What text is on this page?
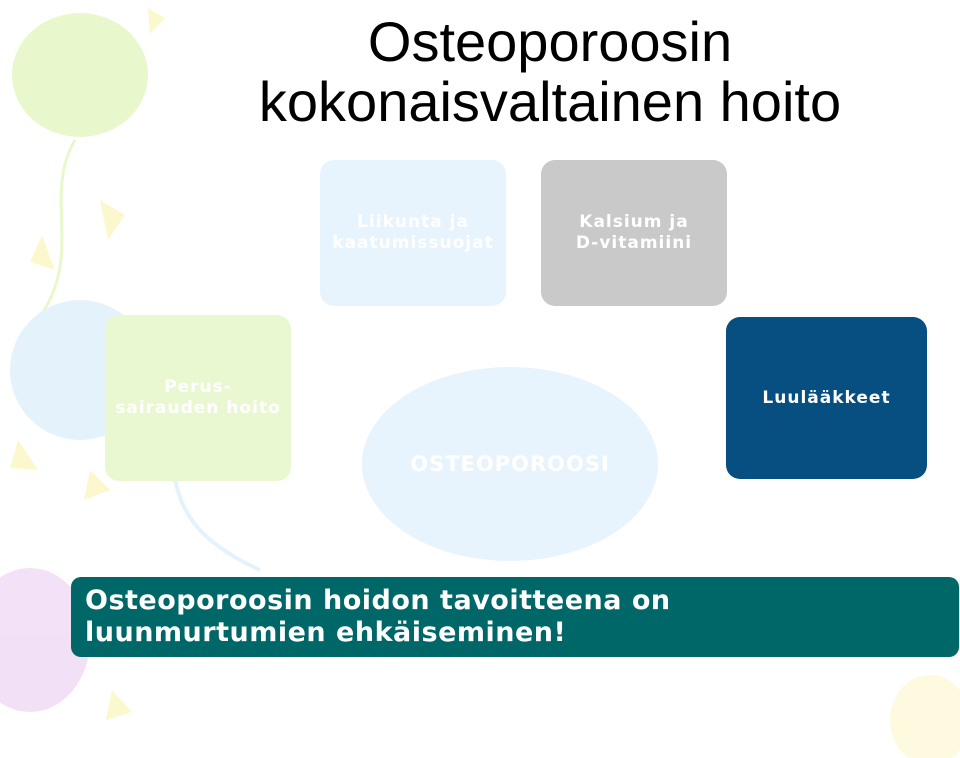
Osteoporoosin
kokonaisvaltainen hoito
Liikunta ja
kaatumissuojat
Kalsium ja
D-vitamiini
Perus-
sairauden hoito
Luulääkkeet
OSTEOPOROOSI
Osteoporoosin hoidon tavoitteena on
luunmurtumien ehkäiseminen!
